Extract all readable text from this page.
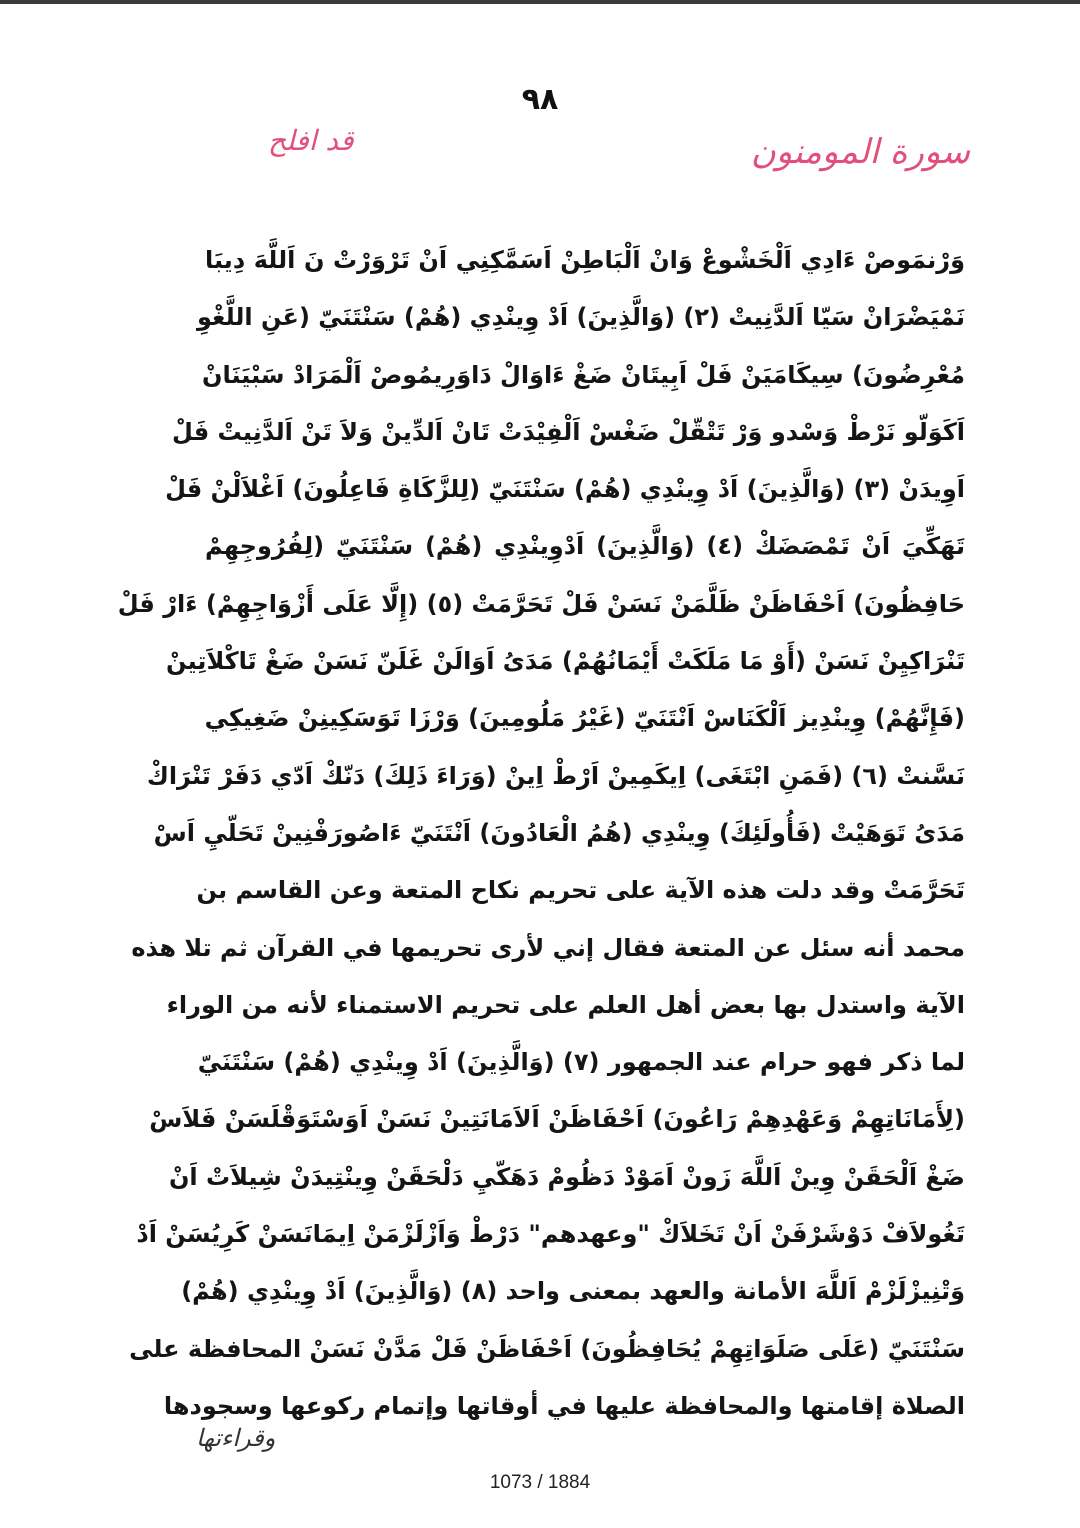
٩٨
سورة المومنون
قد افلح
وَرْنمَوصْ ءَادِي اَلْخَشْوعْ وَانْ اَلْبَاطِنْ اَسَمَّكِنِي اَنْ تَرْوَرْتْ نَ اَللَّهَ دِيبَا
نَمْيَضْرَانْ سَيّا اَلدَّنِيتْ (٢) (وَالَّذِينَ) اَدْ وِينْدِي (هُمْ) سَنْتَنَيّ (عَنِ اللَّغْوِ
مُعْرِضُونَ) سِيكَامَيَنْ فَلْ اَبِيتَانْ ضَغْ ءَاوَالْ دَاوَرِيمُوصْ اَلْمَرَادْ سَبْيَنَانْ
اَكَوَلّو نَرْطْ وَسْدو وَرْ تَتْقّلْ ضَغْسْ اَلْفِيْدَتْ تَانْ اَلدِّينْ وَلاَ تَنْ اَلدَّنِيتْ فَلْ
اَوِيدَنْ (٣) (وَالَّذِينَ) اَدْ وِينْدِي (هُمْ) سَنْتَنَيّ (لِلزَّكَاةِ فَاعِلُونَ) اَغْلاَلْنْ فَلْ
تَهَكِّيَ اَنْ تَمْصَضَكْ (٤) (وَالَّذِينَ) اَدْوِينْدِي (هُمْ) سَنْتَنَيّ (لِفُرُوجِهِمْ
حَافِظُونَ) اَحْفَاظَنْ ظَلَّمَنْ نَسَنْ فَلْ تَحَرَّمَتْ (٥) (إِلَّا عَلَى أَزْوَاجِهِمْ) ءَارْ فَلْ
تَنْرَاكِيِنْ نَسَنْ (أَوْ مَا مَلَكَتْ أَيْمَانُهُمْ) مَدَىُ اَوَالَنْ غَلَنّ نَسَنْ ضَغْ تَاكْلاَتِينْ
(فَإِنَّهُمْ) وِينْدِيز اَلْكَنَاسْ اَنْتَنَيّ (غَيْرُ مَلُومِينَ) وَرْزَا تَوَسَكِينِنْ ضَغِيكِي
نَسَّنتْ (٦) (فَمَنِ ابْتَغَى) اِيكَمِينْ اَرْطْ اِينْ (وَرَاءَ ذَلِكَ) دَنّكْ اَدّي دَفَرْ تَنْرَاكْ
مَدَىُ تَوَهَيْتْ (فَأُولَئِكَ) وِينْدِي (هُمُ الْعَادُونَ) اَنْتَنَيّ ءَاصُورَفْنِينْ تَحَلّيِ اَسْ
تَحَرَّمَتْ وقد دلت هذه الآية على تحريم نكاح المتعة وعن القاسم بن
محمد أنه سئل عن المتعة فقال إني لأرى تحريمها في القرآن ثم تلا هذه
الآية واستدل بها بعض أهل العلم على تحريم الاستمناء لأنه من الوراء
لما ذكر فهو حرام عند الجمهور (٧) (وَالَّذِينَ) اَدْ وِينْدِي (هُمْ) سَنْتَنَيّ
(لِأَمَانَاتِهِمْ وَعَهْدِهِمْ رَاعُونَ) اَحْفَاظَنْ اَلاَمَانَتِينْ نَسَنْ اَوَسْتَوَقْلَسَنْ فَلاَسْ
ضَغْ اَلْحَقَنْ وِينْ اَللَّهَ زَونْ اَمَوْدْ دَظُومْ دَهَكّيِ دَلْحَقَنْ وِينْتِيدَنْ شِيلاَتْ اَنْ
تَغُولاَفْ دَوْشَرْفَنْ اَنْ تَخَلاَكْ "وعهدهم" دَرْطْ وَاَزْلَزْمَنْ اِيمَانَسَنْ كَرِيُسَنْ اَدْ
وَتْنِيزْلَزْمْ اَللَّهَ الأمانة والعهد بمعنى واحد (٨) (وَالَّذِينَ) اَدْ وِينْدِي (هُمْ)
سَنْتَنَيّ (عَلَى صَلَوَاتِهِمْ يُحَافِظُونَ) اَحْفَاظَنْ فَلْ مَدَّنْ نَسَنْ المحافظة على
الصلاة إقامتها والمحافظة عليها في أوقاتها وإتمام ركوعها وسجودها
وقراءتها
1073 / 1884
